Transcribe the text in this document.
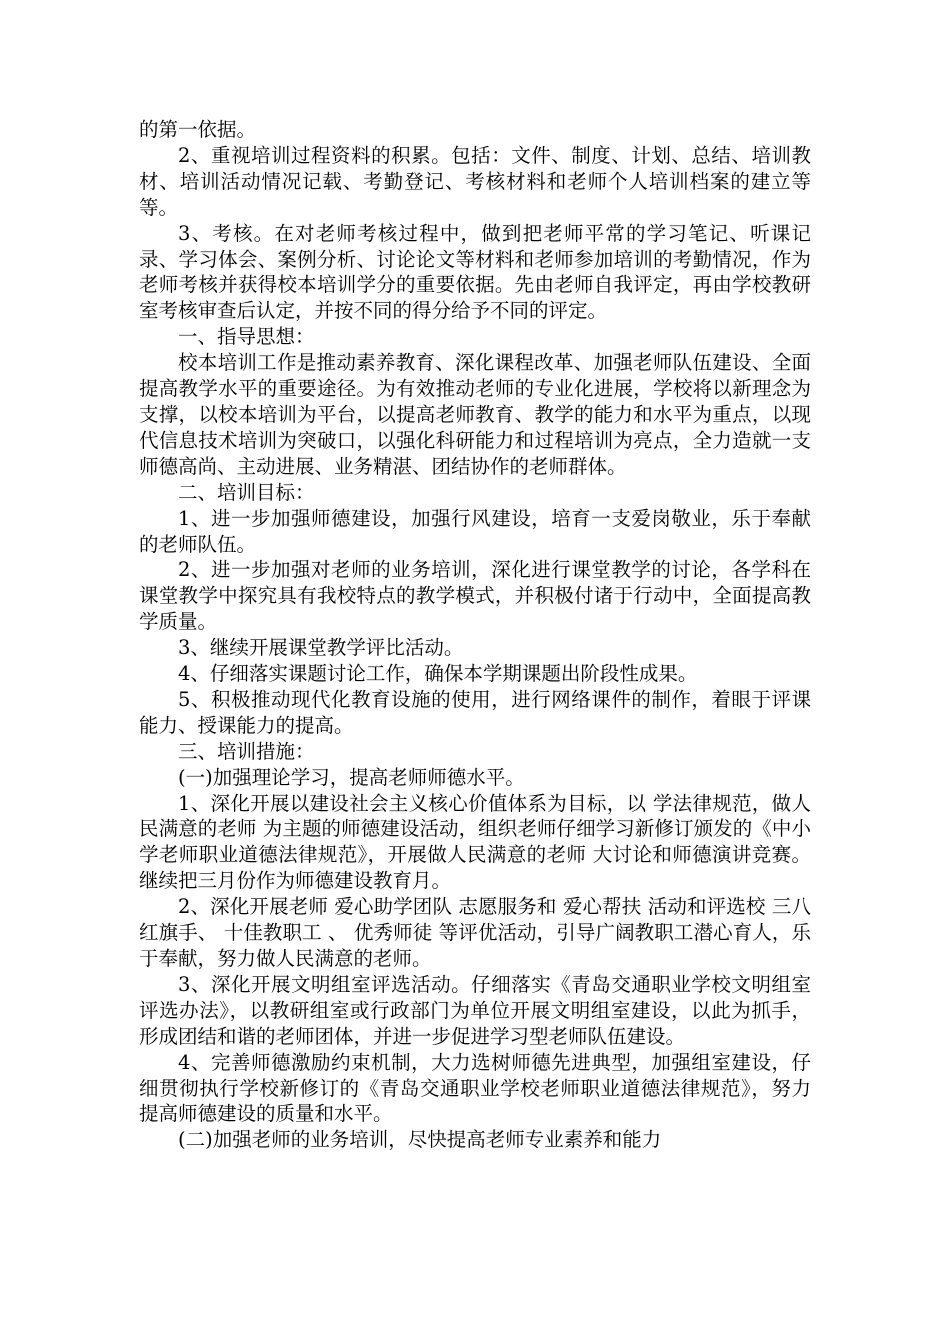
的第一依据。

2、重视培训过程资料的积累。包括：文件、制度、计划、总结、培训教材、培训活动情况记载、考勤登记、考核材料和老师个人培训档案的建立等等。

3、考核。在对老师考核过程中，做到把老师平常的学习笔记、听课记录、学习体会、案例分析、讨论论文等材料和老师参加培训的考勤情况，作为老师考核并获得校本培训学分的重要依据。先由老师自我评定，再由学校教研室考核审查后认定，并按不同的得分给予不同的评定。

一、指导思想：

校本培训工作是推动素养教育、深化课程改革、加强老师队伍建设、全面提高教学水平的重要途径。为有效推动老师的专业化进展，学校将以新理念为支撑，以校本培训为平台，以提高老师教育、教学的能力和水平为重点，以现代信息技术培训为突破口，以强化科研能力和过程培训为亮点，全力造就一支师德高尚、主动进展、业务精湛、团结协作的老师群体。

二、培训目标：

1、进一步加强师德建设，加强行风建设，培育一支爱岗敬业，乐于奉献的老师队伍。

2、进一步加强对老师的业务培训，深化进行课堂教学的讨论，各学科在课堂教学中探究具有我校特点的教学模式，并积极付诸于行动中，全面提高教学质量。

3、继续开展课堂教学评比活动。

4、仔细落实课题讨论工作，确保本学期课题出阶段性成果。

5、积极推动现代化教育设施的使用，进行网络课件的制作，着眼于评课能力、授课能力的提高。

三、培训措施：

(一)加强理论学习，提高老师师德水平。

1、深化开展以建设社会主义核心价值体系为目标，以 学法律规范，做人民满意的老师 为主题的师德建设活动，组织老师仔细学习新修订颁发的《中小学老师职业道德法律规范》，开展做人民满意的老师 大讨论和师德演讲竞赛。继续把三月份作为师德建设教育月。

2、深化开展老师 爱心助学团队 志愿服务和 爱心帮扶 活动和评选校 三八 红旗手、 十佳教职工 、 优秀师徒 等评优活动，引导广阔教职工潜心育人，乐于奉献，努力做人民满意的老师。

3、深化开展文明组室评选活动。仔细落实《青岛交通职业学校文明组室评选办法》，以教研组室或行政部门为单位开展文明组室建设，以此为抓手，形成团结和谐的老师团体，并进一步促进学习型老师队伍建设。

4、完善师德激励约束机制，大力选树师德先进典型，加强组室建设，仔细贯彻执行学校新修订的《青岛交通职业学校老师职业道德法律规范》，努力提高师德建设的质量和水平。

(二)加强老师的业务培训，尽快提高老师专业素养和能力
